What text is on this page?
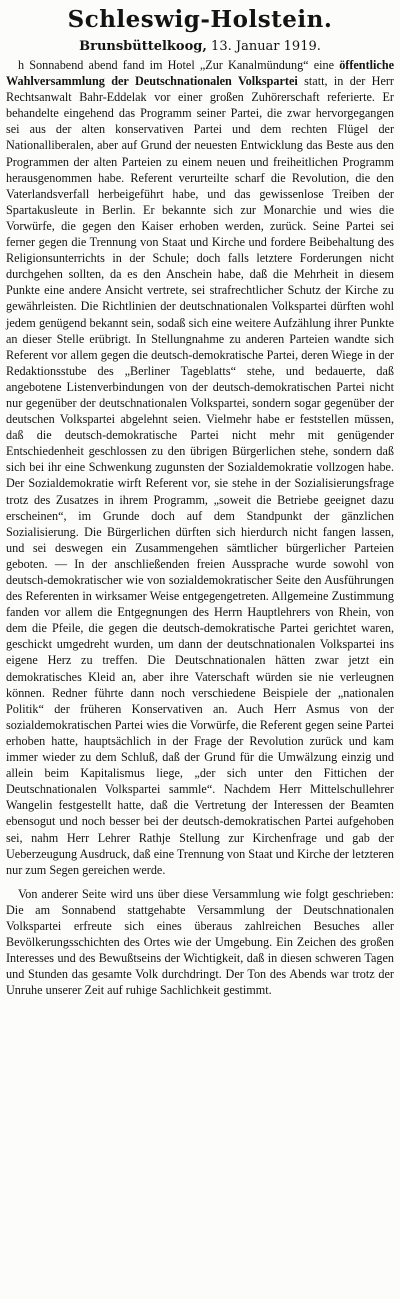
Schleswig-Holstein.
Brunsbüttelkoog, 13. Januar 1919.

h Sonnabend abend fand im Hotel „Zur Kanalmündung“ eine öffentliche Wahlversammlung der Deutschnationalen Volkspartei statt, in der Herr Rechtsanwalt Bahr-Eddelak vor einer großen Zuhörerschaft referierte. Er behandelte eingehend das Programm seiner Partei, die zwar hervorgegangen sei aus der alten konservativen Partei und dem rechten Flügel der Nationalliberalen, aber auf Grund der neuesten Entwicklung das Beste aus den Programmen der alten Parteien zu einem neuen und freiheitlichen Programm herausgenommen habe. Referent verurteilte scharf die Revolution, die den Vaterlandsverfall herbeigeführt habe, und das gewissenlose Treiben der Spartakusleute in Berlin. Er bekannte sich zur Monarchie und wies die Vorwürfe, die gegen den Kaiser erhoben werden, zurück. Seine Partei sei ferner gegen die Trennung von Staat und Kirche und fordere Beibehaltung des Religionsunterrichts in der Schule; doch falls letztere Forderungen nicht durchgehen sollten, da es den Anschein habe, daß die Mehrheit in diesem Punkte eine andere Ansicht vertrete, sei strafrechtlicher Schutz der Kirche zu gewährleisten. Die Richtlinien der deutschnationalen Volkspartei dürften wohl jedem genügend bekannt sein, sodaß sich eine weitere Aufzählung ihrer Punkte an dieser Stelle erübrigt. In Stellungnahme zu anderen Parteien wandte sich Referent vor allem gegen die deutsch-demokratische Partei, deren Wiege in der Redaktionsstube des „Berliner Tageblatts“ stehe, und bedauerte, daß angebotene Listenverbindungen von der deutsch-demokratischen Partei nicht nur gegenüber der deutschnationalen Volkspartei, sondern sogar gegenüber der deutschen Volkspartei abgelehnt seien. Vielmehr habe er feststellen müssen, daß die deutsch-demokratische Partei nicht mehr mit genügender Entschiedenheit geschlossen zu den übrigen Bürgerlichen stehe, sondern daß sich bei ihr eine Schwenkung zugunsten der Sozialdemokratie vollzogen habe. Der Sozialdemokratie wirft Referent vor, sie stehe in der Sozialisierungsfrage trotz des Zusatzes in ihrem Programm, „soweit die Betriebe geeignet dazu erscheinen“, im Grunde doch auf dem Standpunkt der gänzlichen Sozialisierung. Die Bürgerlichen dürften sich hierdurch nicht fangen lassen, und sei deswegen ein Zusammengehen sämtlicher bürgerlicher Parteien geboten. — In der anschließenden freien Aussprache wurde sowohl von deutsch-demokratischer wie von sozialdemokratischer Seite den Ausführungen des Referenten in wirksamer Weise entgegengetreten. Allgemeine Zustimmung fanden vor allem die Entgegnungen des Herrn Hauptlehrers von Rhein, von dem die Pfeile, die gegen die deutsch-demokratische Partei gerichtet waren, geschickt umgedreht wurden, um dann der deutschnationalen Volkspartei ins eigene Herz zu treffen. Die Deutschnationalen hätten zwar jetzt ein demokratisches Kleid an, aber ihre Vaterschaft würden sie nie verleugnen können. Redner führte dann noch verschiedene Beispiele der „nationalen Politik“ der früheren Konservativen an. Auch Herr Asmus von der sozialdemokratischen Partei wies die Vorwürfe, die Referent gegen seine Partei erhoben hatte, hauptsächlich in der Frage der Revolution zurück und kam immer wieder zu dem Schluß, daß der Grund für die Umwälzung einzig und allein beim Kapitalismus liege, „der sich unter den Fittichen der Deutschnationalen Volkspartei sammle“. Nachdem Herr Mittelschullehrer Wangelin festgestellt hatte, daß die Vertretung der Interessen der Beamten ebensogut und noch besser bei der deutsch-demokratischen Partei aufgehoben sei, nahm Herr Lehrer Rathje Stellung zur Kirchenfrage und gab der Ueberzeugung Ausdruck, daß eine Trennung von Staat und Kirche der letzteren nur zum Segen gereichen werde.

Von anderer Seite wird uns über diese Versammlung wie folgt geschrieben: Die am Sonnabend stattgehabte Versammlung der Deutschnationalen Volkspartei erfreute sich eines überaus zahlreichen Besuches aller Bevölkerungsschichten des Ortes wie der Umgebung. Ein Zeichen des großen Interesses und des Bewußtseins der Wichtigkeit, daß in diesen schweren Tagen und Stunden das gesamte Volk durchdringt. Der Ton des Abends war trotz der Unruhe unserer Zeit auf ruhige Sachlichkeit gestimmt.
